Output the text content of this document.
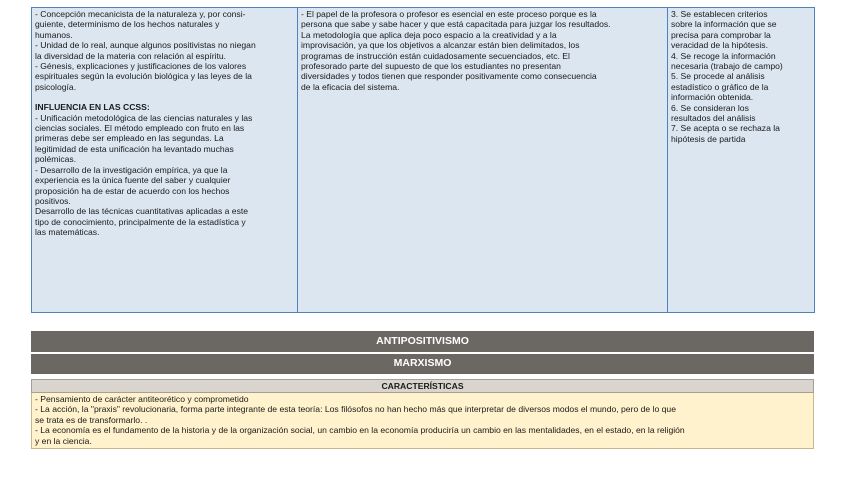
- Concepción mecanicista de la naturaleza y, por consi-
guiente, determinismo de los hechos naturales y
humanos.
- Unidad de lo real, aunque algunos positivistas no niegan
la diversidad de la materia con relación al espíritu.
- Génesis, explicaciones y justificaciones de los valores
espirituales según la evolución biológica y las leyes de la
psicología.
INFLUENCIA EN LAS CCSS:
- Unificación metodológica de las ciencias naturales y las
ciencias sociales. El método empleado con fruto en las
primeras debe ser empleado en las segundas. La
legitimidad de esta unificación ha levantado muchas
polémicas.
- Desarrollo de la investigación empírica, ya que la
experiencia es la única fuente del saber y cualquier
proposición ha de estar de acuerdo con los hechos
positivos.
Desarrollo de las técnicas cuantitativas aplicadas a este
tipo de conocimiento, principalmente de la estadística y
las matemáticas.

- El papel de la profesora o profesor es esencial en este proceso porque es la
persona que sabe y sabe hacer y que está capacitada para juzgar los resultados.
La metodología que aplica deja poco espacio a la creatividad y a la
improvisación, ya que los objetivos a alcanzar están bien delimitados, los
programas de instrucción están cuidadosamente secuenciados, etc. El
profesorado parte del supuesto de que los estudiantes no presentan
diversidades y todos tienen que responder positivamente como consecuencia
de la eficacia del sistema.

3. Se establecen criterios
sobre la información que se
precisa para comprobar la
veracidad de la hipótesis.
4. Se recoge la información
necesaria (trabajo de campo)
5. Se procede al análisis
estadístico o gráfico de la
información obtenida.
6. Se consideran los
resultados del análisis
7. Se acepta o se rechaza la
hipótesis de partida
ANTIPOSITIVISMO
MARXISMO
CARACTERÍSTICAS
- Pensamiento de carácter antiteorético y comprometido
- La acción, la "praxis" revolucionaria, forma parte integrante de esta teoría: Los filósofos no han hecho más que interpretar de diversos modos el mundo, pero de lo que
se trata es de transformarlo. .
- La economía es el fundamento de la historia y de la organización social, un cambio en la economía produciría un cambio en las mentalidades, en el estado, en la religión
y en la ciencia.
